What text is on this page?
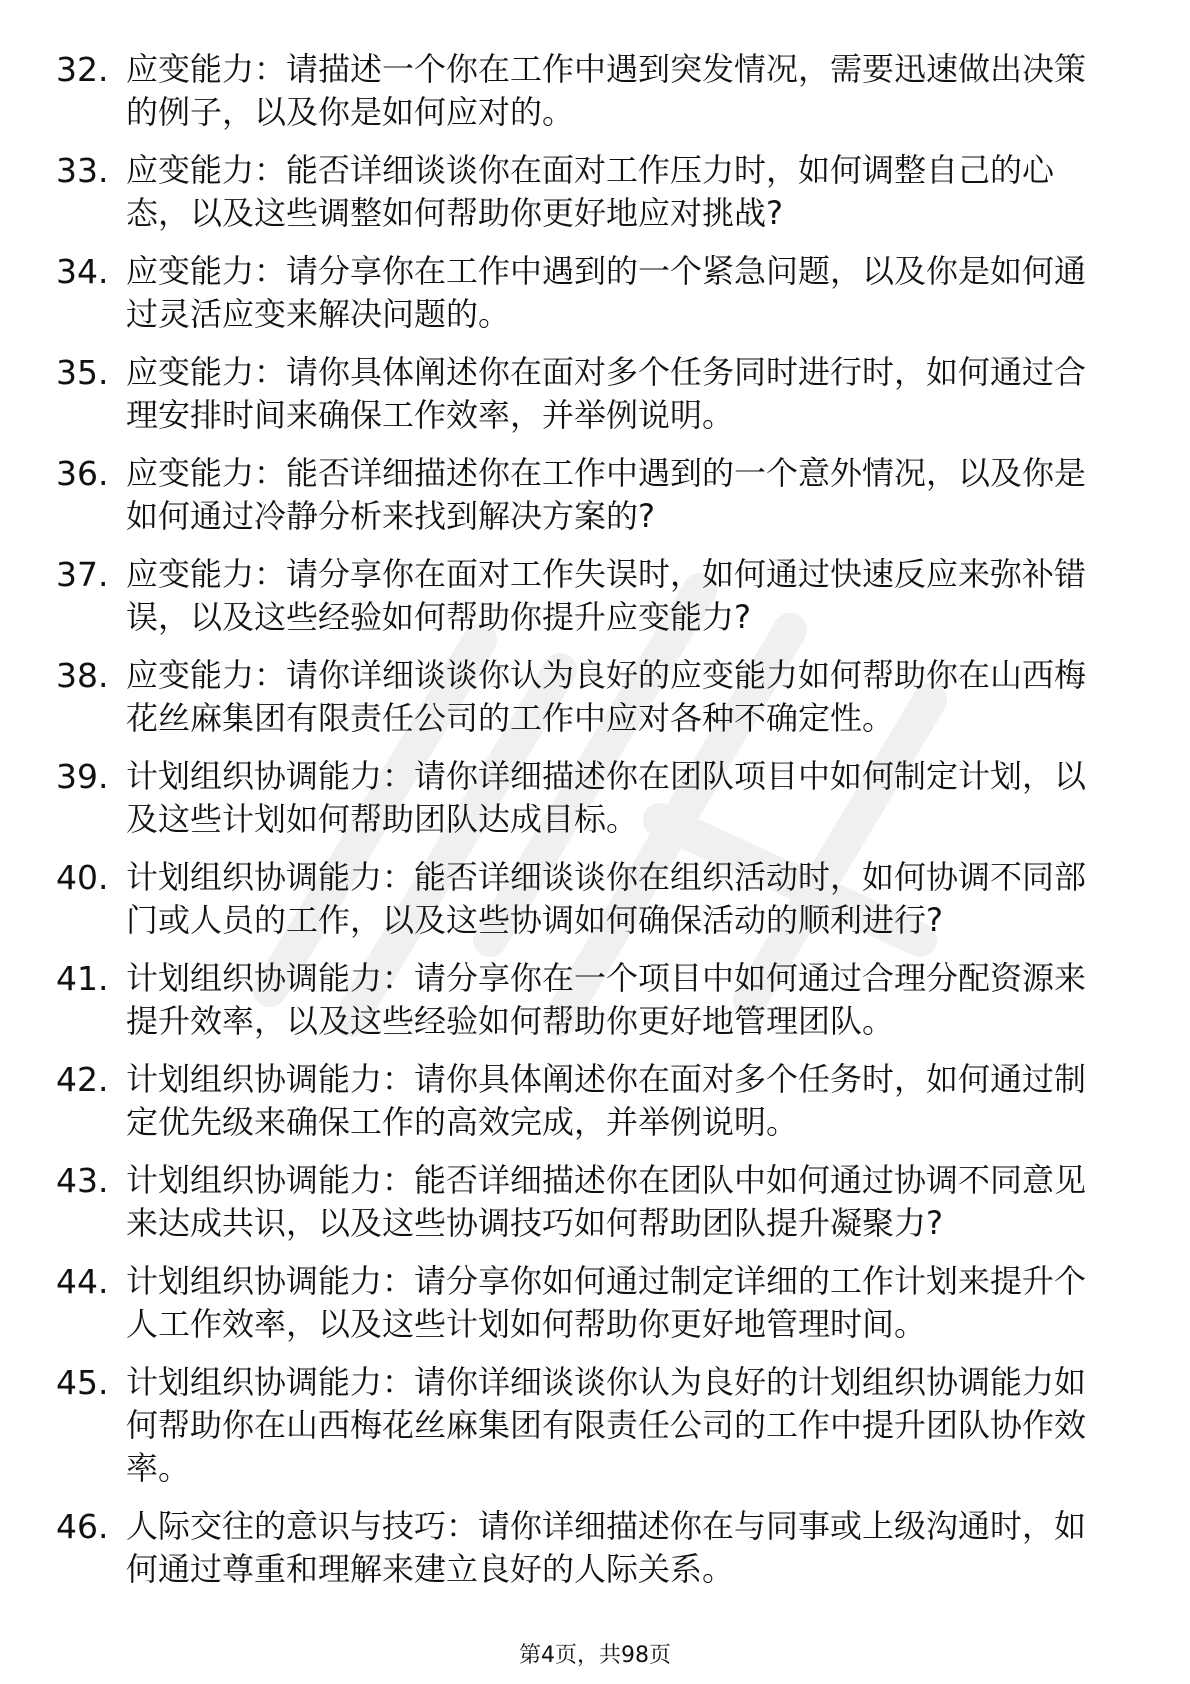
32. 应变能力：请描述一个你在工作中遇到突发情况，需要迅速做出决策的例子，以及你是如何应对的。
33. 应变能力：能否详细谈谈你在面对工作压力时，如何调整自己的心态，以及这些调整如何帮助你更好地应对挑战?
34. 应变能力：请分享你在工作中遇到的一个紧急问题，以及你是如何通过灵活应变来解决问题的。
35. 应变能力：请你具体阐述你在面对多个任务同时进行时，如何通过合理安排时间来确保工作效率，并举例说明。
36. 应变能力：能否详细描述你在工作中遇到的一个意外情况，以及你是如何通过冷静分析来找到解决方案的?
37. 应变能力：请分享你在面对工作失误时，如何通过快速反应来弥补错误，以及这些经验如何帮助你提升应变能力?
38. 应变能力：请你详细谈谈你认为良好的应变能力如何帮助你在山西梅花丝麻集团有限责任公司的工作中应对各种不确定性。
39. 计划组织协调能力：请你详细描述你在团队项目中如何制定计划，以及这些计划如何帮助团队达成目标。
40. 计划组织协调能力：能否详细谈谈你在组织活动时，如何协调不同部门或人员的工作，以及这些协调如何确保活动的顺利进行?
41. 计划组织协调能力：请分享你在一个项目中如何通过合理分配资源来提升效率，以及这些经验如何帮助你更好地管理团队。
42. 计划组织协调能力：请你具体阐述你在面对多个任务时，如何通过制定优先级来确保工作的高效完成，并举例说明。
43. 计划组织协调能力：能否详细描述你在团队中如何通过协调不同意见来达成共识，以及这些协调技巧如何帮助团队提升凝聚力?
44. 计划组织协调能力：请分享你如何通过制定详细的工作计划来提升个人工作效率，以及这些计划如何帮助你更好地管理时间。
45. 计划组织协调能力：请你详细谈谈你认为良好的计划组织协调能力如何帮助你在山西梅花丝麻集团有限责任公司的工作中提升团队协作效率。
46. 人际交往的意识与技巧：请你详细描述你在与同事或上级沟通时，如何通过尊重和理解来建立良好的人际关系。
第4页，共98页
